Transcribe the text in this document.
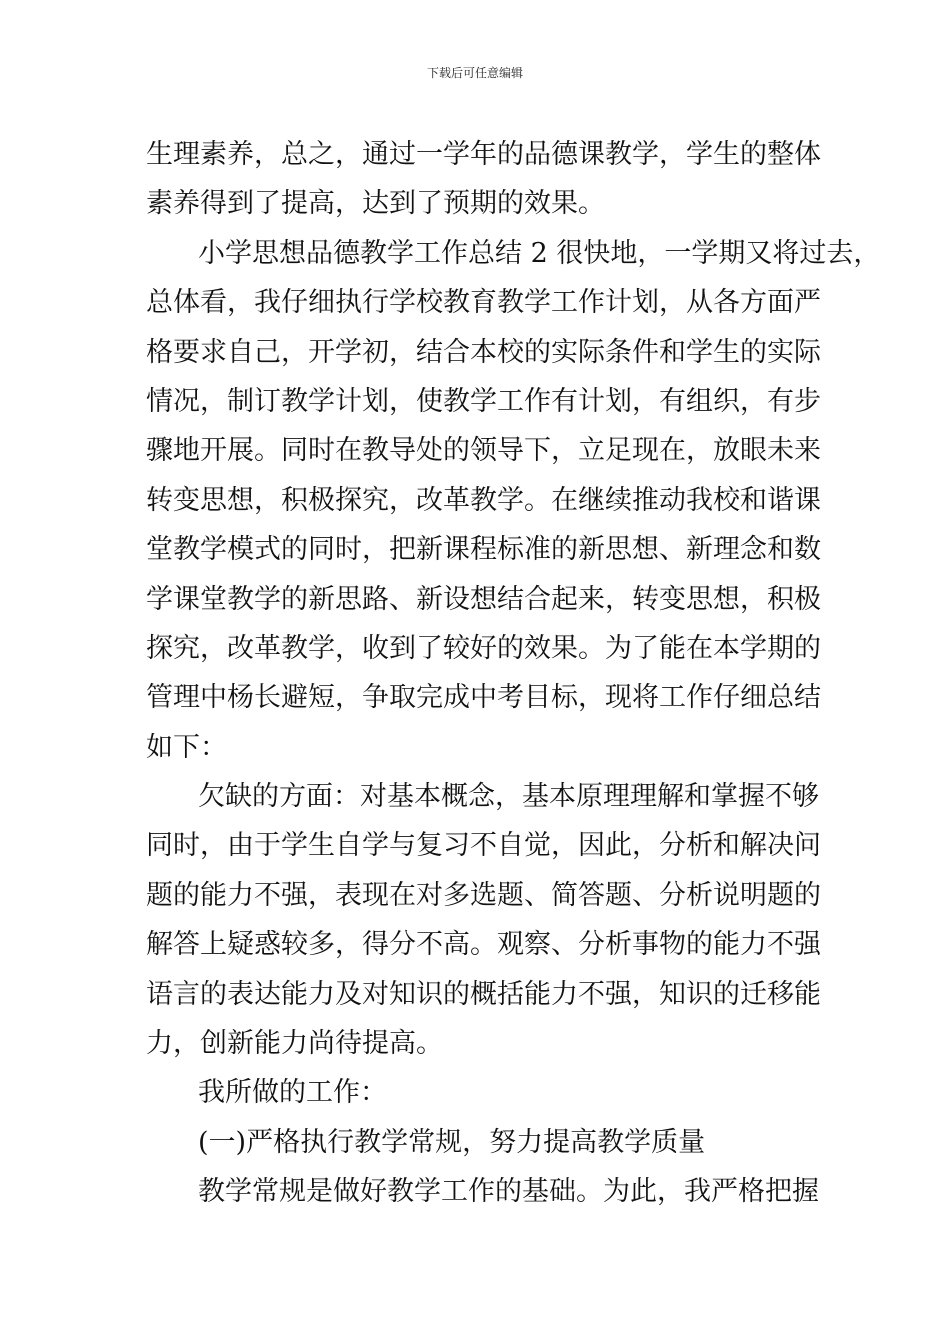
下载后可任意编辑
生理素养，总之，通过一学年的品德课教学，学生的整体
素养得到了提高，达到了预期的效果。
小学思想品德教学工作总结 2 很快地，一学期又将过去，
总体看，我仔细执行学校教育教学工作计划，从各方面严
格要求自己，开学初，结合本校的实际条件和学生的实际
情况，制订教学计划，使教学工作有计划，有组织，有步
骤地开展。同时在教导处的领导下，立足现在，放眼未来
转变思想，积极探究，改革教学。在继续推动我校和谐课
堂教学模式的同时，把新课程标准的新思想、新理念和数
学课堂教学的新思路、新设想结合起来，转变思想，积极
探究，改革教学，收到了较好的效果。为了能在本学期的
管理中杨长避短，争取完成中考目标，现将工作仔细总结
如下：
欠缺的方面：对基本概念，基本原理理解和掌握不够
同时，由于学生自学与复习不自觉，因此，分析和解决问
题的能力不强，表现在对多选题、简答题、分析说明题的
解答上疑惑较多，得分不高。观察、分析事物的能力不强
语言的表达能力及对知识的概括能力不强，知识的迁移能
力，创新能力尚待提高。
我所做的工作：
(一)严格执行教学常规，努力提高教学质量
教学常规是做好教学工作的基础。为此，我严格把握
